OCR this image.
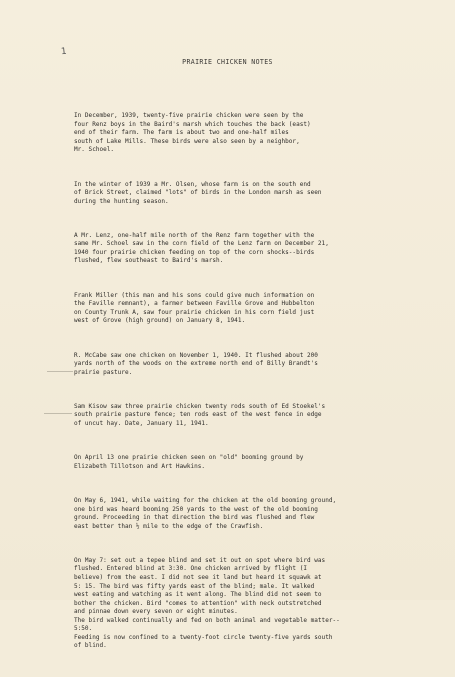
1
PRAIRIE CHICKEN NOTES

In December, 1939, twenty-five prairie chicken were seen by the
four Renz boys in the Baird's marsh which touches the back (east)
end of their farm. The farm is about two and one-half miles
south of Lake Mills. These birds were also seen by a neighbor,
Mr. Schoel.

In the winter of 1939 a Mr. Olsen, whose farm is on the south end
of Brick Street, claimed "lots" of birds in the London marsh as seen
during the hunting season.

A Mr. Lenz, one-half mile north of the Renz farm together with the
same Mr. Schoel saw in the corn field of the Lenz farm on December 21,
1940 four prairie chicken feeding on top of the corn shocks--birds
flushed, flew southeast to Baird's marsh.

Frank Miller (this man and his sons could give much information on
the Faville remnant), a farmer between Faville Grove and Hubbelton
on County Trunk A, saw four prairie chicken in his corn field just
west of Grove (high ground) on January 8, 1941.

R. McCabe saw one chicken on November 1, 1940. It flushed about 200
yards north of the woods on the extreme north end of Billy Brandt's
prairie pasture.

Sam Kisow saw three prairie chicken twenty rods south of Ed Stoekel's
south prairie pasture fence; ten rods east of the west fence in edge
of uncut hay. Date, January 11, 1941.

On April 13 one prairie chicken seen on "old" booming ground by
Elizabeth Tillotson and Art Hawkins.

On May 6, 1941, while waiting for the chicken at the old booming ground,
one bird was heard booming 250 yards to the west of the old booming
ground. Proceeding in that direction the bird was flushed and flew
east better than ½ mile to the edge of the Crawfish.

On May 7: set out a tepee blind and set it out on spot where bird was
flushed. Entered blind at 3:30. One chicken arrived by flight (I
believe) from the east. I did not see it land but heard it squawk at
5: 15. The bird was fifty yards east of the blind; male. It walked
west eating and watching as it went along. The blind did not seem to
bother the chicken. Bird "comes to attention" with neck outstretched
and pinnae down every seven or eight minutes.
The bird walked continually and fed on both animal and vegetable matter--
5:50.
Feeding is now confined to a twenty-foot circle twenty-five yards south
of blind.
